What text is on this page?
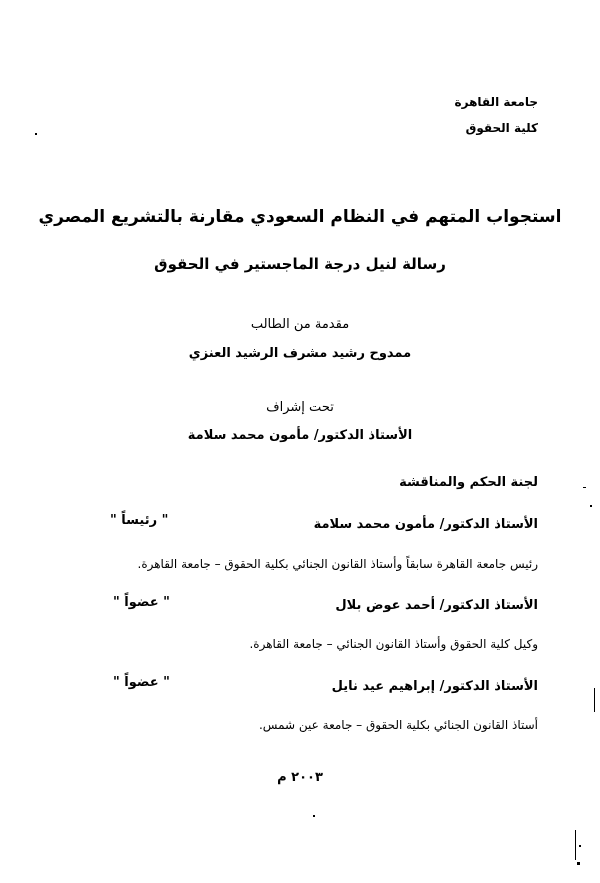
جامعة القاهرة
كلية الحقوق
استجواب المتهم في النظام السعودي مقارنة بالتشريع المصري
رسالة لنيل درجة الماجستير في الحقوق
مقدمة من الطالب
ممدوح رشيد مشرف الرشيد العنزي
تحت إشراف
الأستاذ الدكتور/ مأمون محمد سلامة
لجنة الحكم والمناقشة
الأستاذ الدكتور/ مأمون محمد سلامة
" رئيساً "
رئيس جامعة القاهرة سابقاً وأستاذ القانون الجنائي بكلية الحقوق – جامعة القاهرة.
الأستاذ الدكتور/ أحمد عوض بلال
" عضواً "
وكيل كلية الحقوق وأستاذ القانون الجنائي – جامعة القاهرة.
الأستاذ الدكتور/ إبراهيم عيد نايل
" عضواً "
أستاذ القانون الجنائي بكلية الحقوق – جامعة عين شمس.
٢٠٠٣ م
